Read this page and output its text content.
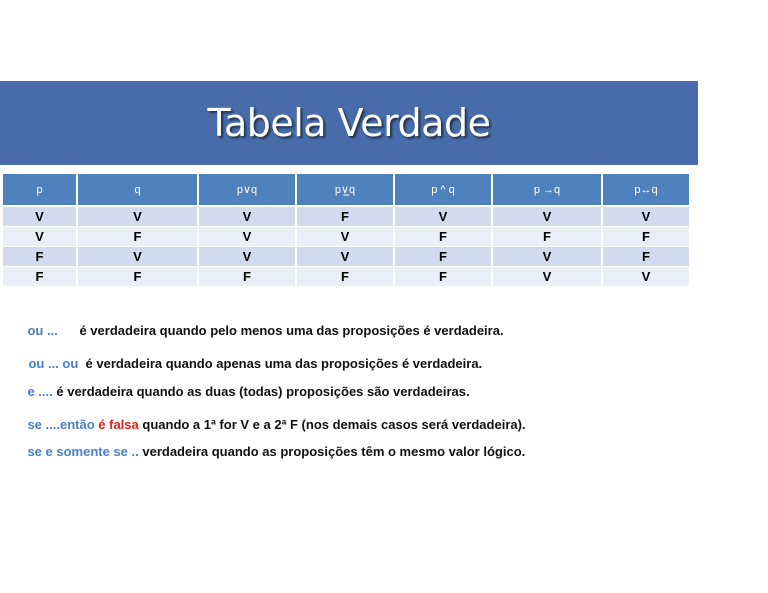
Tabela Verdade
p	q	p∨q	p∨̲q	p ^ q	p →q	p↔q
V	V	V	F	V	V	V
V	F	V	V	F	F	F
F	V	V	V	F	V	F
F	F	F	F	F	V	V

ou ... é verdadeira quando pelo menos uma das proposições é verdadeira.

ou ... ou é verdadeira quando apenas uma das proposições é verdadeira.

e .... é verdadeira quando as duas (todas) proposições são verdadeiras.

se ....então é falsa quando a 1ª for V e a 2ª F (nos demais casos será verdadeira).

se e somente se .. verdadeira quando as proposições têm o mesmo valor lógico.
